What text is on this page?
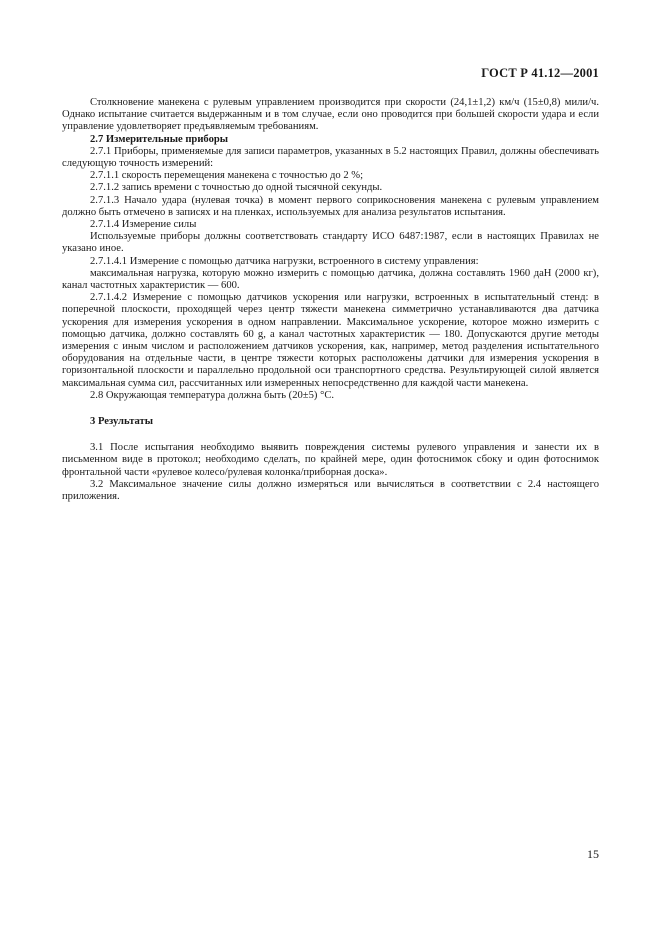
ГОСТ Р 41.12—2001

Столкновение манекена с рулевым управлением производится при скорости (24,1±1,2) км/ч (15±0,8) мили/ч. Однако испытание считается выдержанным и в том случае, если оно проводится при большей скорости удара и если управление удовлетворяет предъявляемым требованиям.

2.7 Измерительные приборы

2.7.1 Приборы, применяемые для записи параметров, указанных в 5.2 настоящих Правил, должны обеспечивать следующую точность измерений:

2.7.1.1 скорость перемещения манекена с точностью до 2 %;

2.7.1.2 запись времени с точностью до одной тысячной секунды.

2.7.1.3 Начало удара (нулевая точка) в момент первого соприкосновения манекена с рулевым управлением должно быть отмечено в записях и на пленках, используемых для анализа результатов испытания.

2.7.1.4 Измерение силы

Используемые приборы должны соответствовать стандарту ИСО 6487:1987, если в настоящих Правилах не указано иное.

2.7.1.4.1 Измерение с помощью датчика нагрузки, встроенного в систему управления:

максимальная нагрузка, которую можно измерить с помощью датчика, должна составлять 1960 даН (2000 кг), канал частотных характеристик — 600.

2.7.1.4.2 Измерение с помощью датчиков ускорения или нагрузки, встроенных в испытательный стенд: в поперечной плоскости, проходящей через центр тяжести манекена симметрично устанавливаются два датчика ускорения для измерения ускорения в одном направлении. Максимальное ускорение, которое можно измерить с помощью датчика, должно составлять 60 g, а канал частотных характеристик — 180. Допускаются другие методы измерения с иным числом и расположением датчиков ускорения, как, например, метод разделения испытательного оборудования на отдельные части, в центре тяжести которых расположены датчики для измерения ускорения в горизонтальной плоскости и параллельно продольной оси транспортного средства. Результирующей силой является максимальная сумма сил, рассчитанных или измеренных непосредственно для каждой части манекена.

2.8 Окружающая температура должна быть (20±5) °С.

3 Результаты

3.1 После испытания необходимо выявить повреждения системы рулевого управления и занести их в письменном виде в протокол; необходимо сделать, по крайней мере, один фотоснимок сбоку и один фотоснимок фронтальной части «рулевое колесо/рулевая колонка/приборная доска».

3.2 Максимальное значение силы должно измеряться или вычисляться в соответствии с 2.4 настоящего приложения.

15
